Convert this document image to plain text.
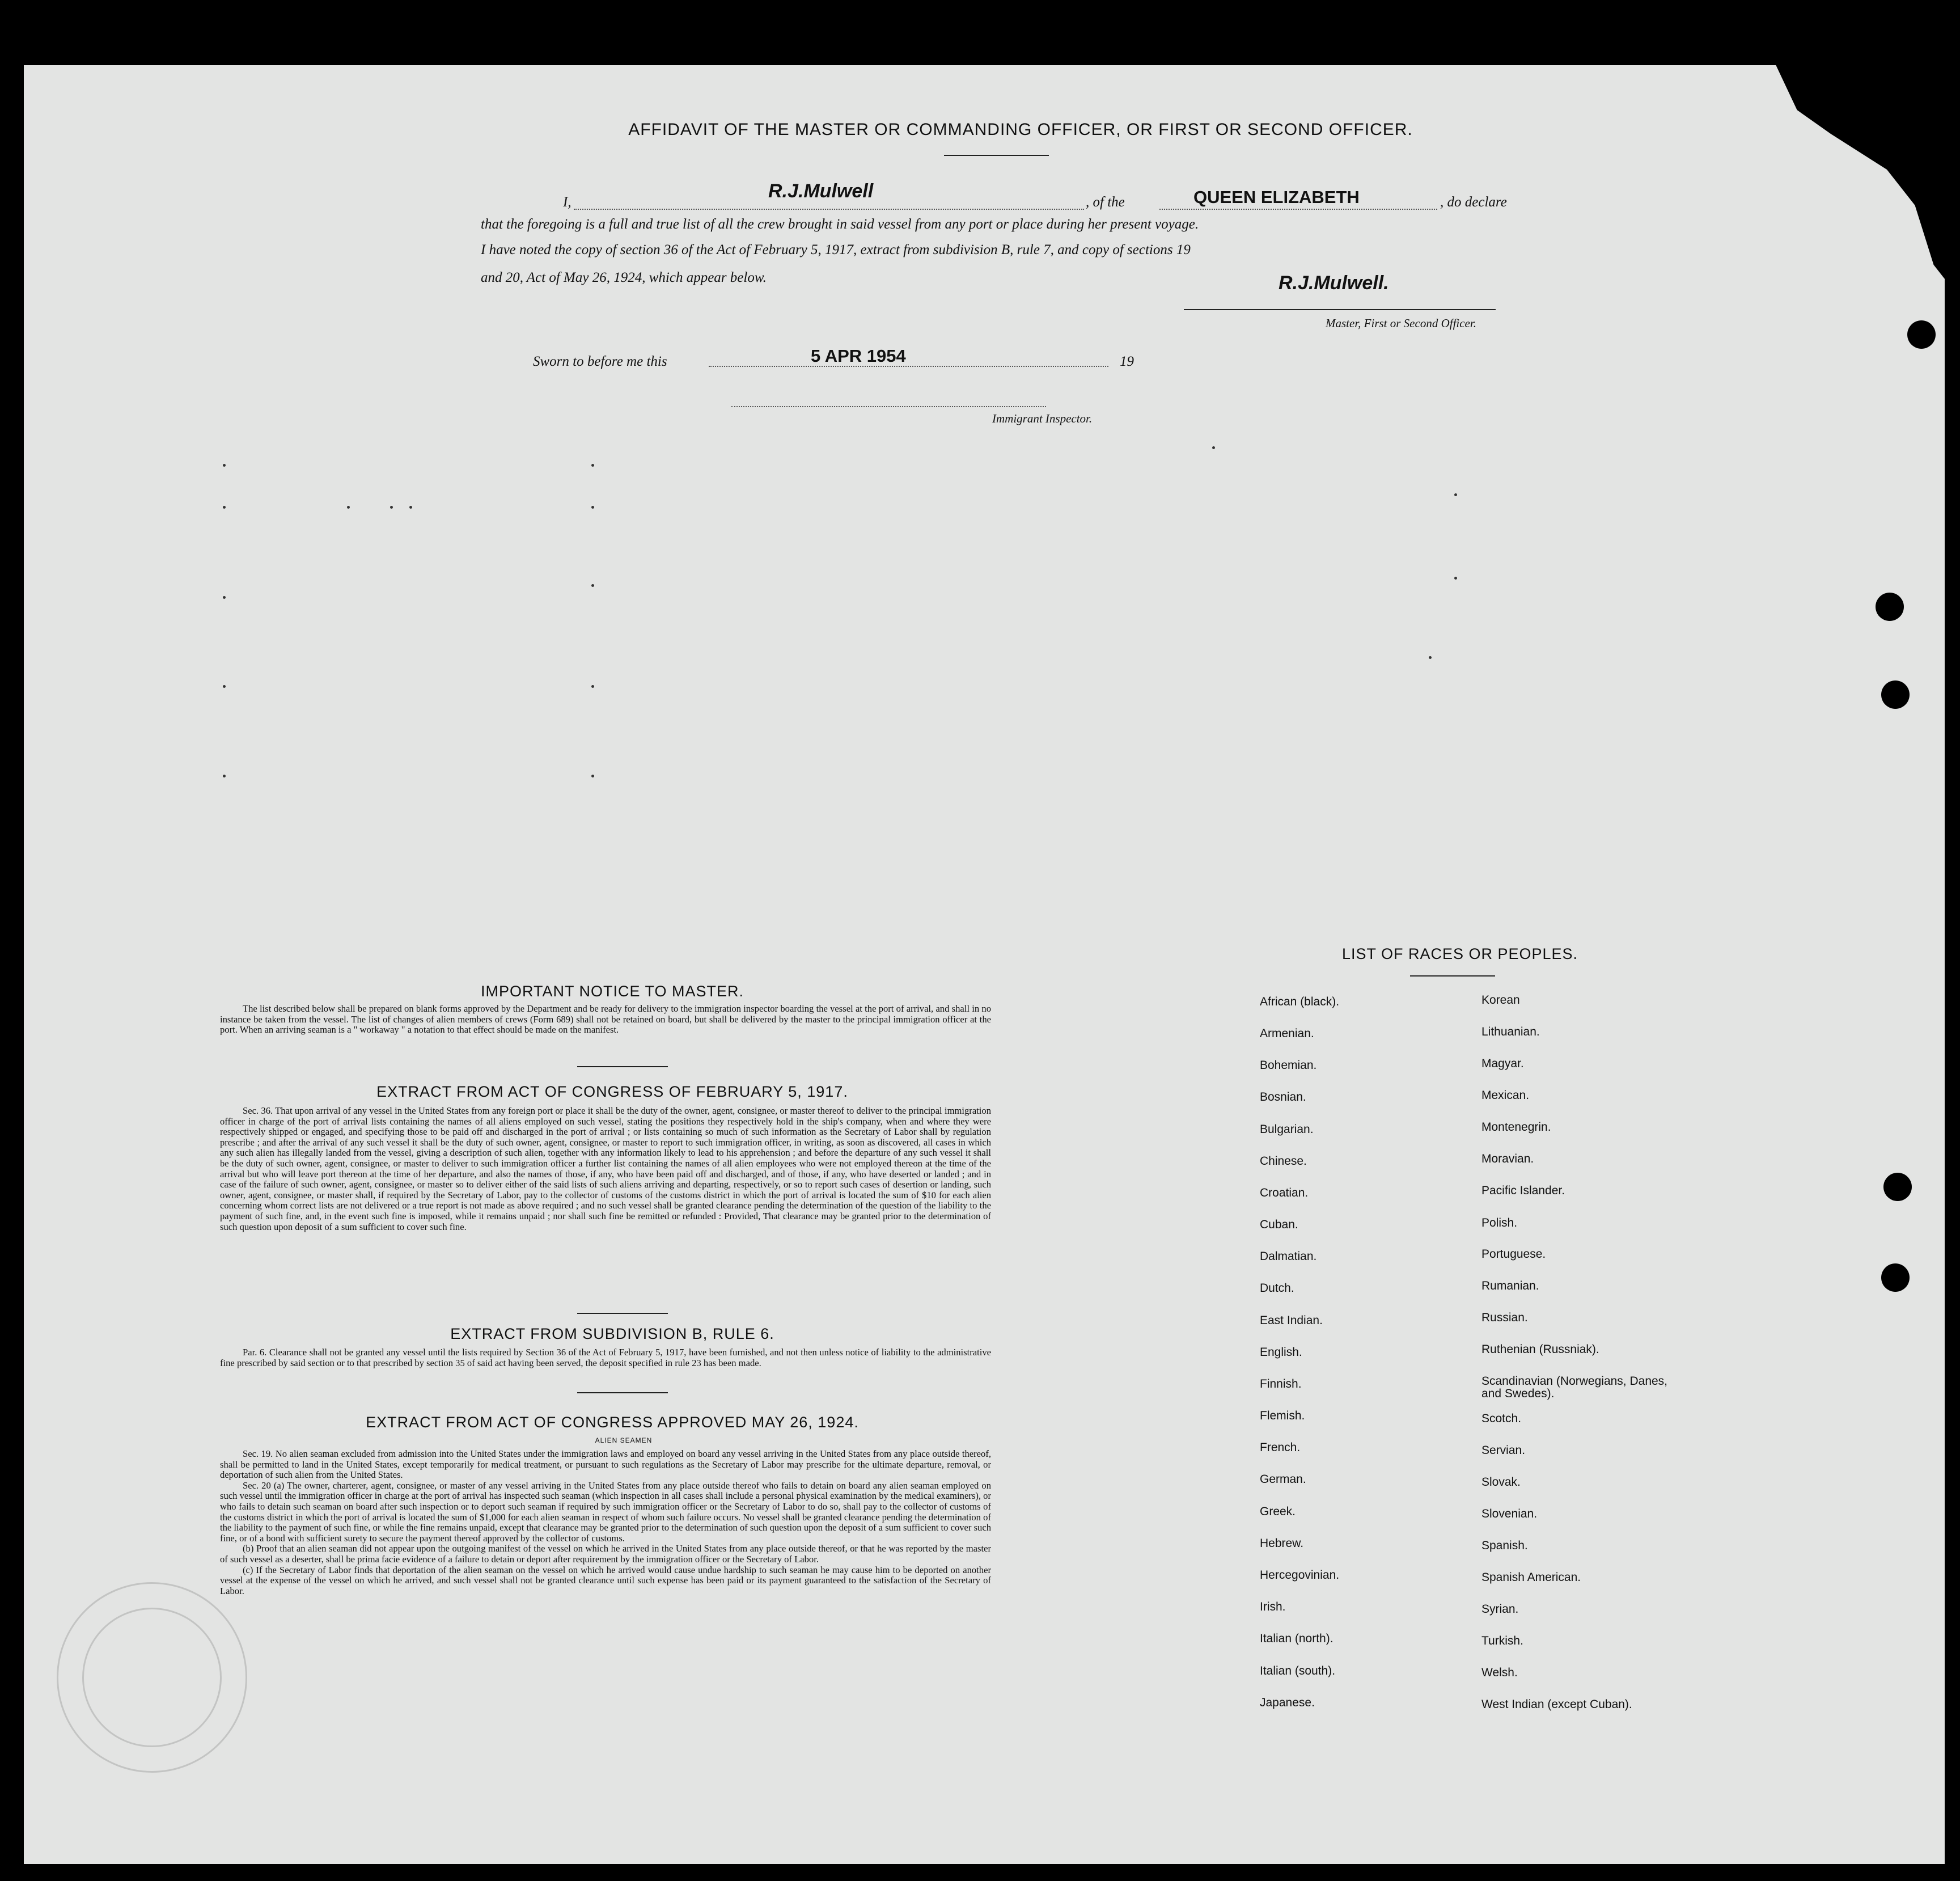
AFFIDAVIT OF THE MASTER OR COMMANDING OFFICER, OR FIRST OR SECOND OFFICER.
I,
R.J.Mulwell
, of the	QUEEN ELIZABETH	, do declare
that the foregoing is a full and true list of all the crew brought in said vessel from any port or place during her present voyage.
I have noted the copy of section 36 of the Act of February 5, 1917, extract from subdivision B, rule 7, and copy of sections 19
and 20, Act of May 26, 1924, which appear below.	R.J.Mulwell.
Master, First or Second Officer.
Sworn to before me this	5 APR 1954	19
Immigrant Inspector.
IMPORTANT NOTICE TO MASTER.

The list described below shall be prepared on blank forms approved by the Department and be ready for delivery to the immigration inspector boarding the vessel at the port of arrival, and shall in no instance be taken from the vessel. The list of changes of alien members of crews (Form 689) shall not be retained on board, but shall be delivered by the master to the principal immigration officer at the port. When an arriving seaman is a " workaway " a notation to that effect should be made on the manifest.

EXTRACT FROM ACT OF CONGRESS OF FEBRUARY 5, 1917.

Sec. 36. That upon arrival of any vessel in the United States from any foreign port or place it shall be the duty of the owner, agent, consignee, or master thereof to deliver to the principal immigration officer in charge of the port of arrival lists containing the names of all aliens employed on such vessel, stating the positions they respectively hold in the ship's company, when and where they were respectively shipped or engaged, and specifying those to be paid off and discharged in the port of arrival ; or lists containing so much of such information as the Secretary of Labor shall by regulation prescribe ; and after the arrival of any such vessel it shall be the duty of such owner, agent, consignee, or master to report to such immigration officer, in writing, as soon as discovered, all cases in which any such alien has illegally landed from the vessel, giving a description of such alien, together with any information likely to lead to his apprehension ; and before the departure of any such vessel it shall be the duty of such owner, agent, consignee, or master to deliver to such immigration officer a further list containing the names of all alien employees who were not employed thereon at the time of the arrival but who will leave port thereon at the time of her departure, and also the names of those, if any, who have been paid off and discharged, and of those, if any, who have deserted or landed ; and in case of the failure of such owner, agent, consignee, or master so to deliver either of the said lists of such aliens arriving and departing, respectively, or so to report such cases of desertion or landing, such owner, agent, consignee, or master shall, if required by the Secretary of Labor, pay to the collector of customs of the customs district in which the port of arrival is located the sum of $10 for each alien concerning whom correct lists are not delivered or a true report is not made as above required ; and no such vessel shall be granted clearance pending the determination of the question of the liability to the payment of such fine, and, in the event such fine is imposed, while it remains unpaid ; nor shall such fine be remitted or refunded : Provided, That clearance may be granted prior to the determination of such question upon deposit of a sum sufficient to cover such fine.

EXTRACT FROM SUBDIVISION B, RULE 6.

Par. 6. Clearance shall not be granted any vessel until the lists required by Section 36 of the Act of February 5, 1917, have been furnished, and not then unless notice of liability to the administrative fine prescribed by said section or to that prescribed by section 35 of said act having been served, the deposit specified in rule 23 has been made.

EXTRACT FROM ACT OF CONGRESS APPROVED MAY 26, 1924.
ALIEN SEAMEN

Sec. 19. No alien seaman excluded from admission into the United States under the immigration laws and employed on board any vessel arriving in the United States from any place outside thereof, shall be permitted to land in the United States, except temporarily for medical treatment, or pursuant to such regulations as the Secretary of Labor may prescribe for the ultimate departure, removal, or deportation of such alien from the United States.

Sec. 20 (a) The owner, charterer, agent, consignee, or master of any vessel arriving in the United States from any place outside thereof who fails to detain on board any alien seaman employed on such vessel until the immigration officer in charge at the port of arrival has inspected such seaman (which inspection in all cases shall include a personal physical examination by the medical examiners), or who fails to detain such seaman on board after such inspection or to deport such seaman if required by such immigration officer or the Secretary of Labor to do so, shall pay to the collector of customs of the customs district in which the port of arrival is located the sum of $1,000 for each alien seaman in respect of whom such failure occurs. No vessel shall be granted clearance pending the determination of the liability to the payment of such fine, or while the fine remains unpaid, except that clearance may be granted prior to the determination of such question upon the deposit of a sum sufficient to cover such fine, or of a bond with sufficient surety to secure the payment thereof approved by the collector of customs.

(b) Proof that an alien seaman did not appear upon the outgoing manifest of the vessel on which he arrived in the United States from any place outside thereof, or that he was reported by the master of such vessel as a deserter, shall be prima facie evidence of a failure to detain or deport after requirement by the immigration officer or the Secretary of Labor.

(c) If the Secretary of Labor finds that deportation of the alien seaman on the vessel on which he arrived would cause undue hardship to such seaman he may cause him to be deported on another vessel at the expense of the vessel on which he arrived, and such vessel shall not be granted clearance until such expense has been paid or its payment guaranteed to the satisfaction of the Secretary of Labor.

LIST OF RACES OR PEOPLES.
African (black).
Armenian.
Bohemian.
Bosnian.
Bulgarian.
Chinese.
Croatian.
Cuban.
Dalmatian.
Dutch.
East Indian.
English.
Finnish.
Flemish.
French.
German.
Greek.
Hebrew.
Hercegovinian.
Irish.
Italian (north).
Italian (south).
Japanese.
Korean
Lithuanian.
Magyar.
Mexican.
Montenegrin.
Moravian.
Pacific Islander.
Polish.
Portuguese.
Rumanian.
Russian.
Ruthenian (Russniak).
Scandinavian (Norwegians, Danes, and Swedes).
Scotch.
Servian.
Slovak.
Slovenian.
Spanish.
Spanish American.
Syrian.
Turkish.
Welsh.
West Indian (except Cuban).
